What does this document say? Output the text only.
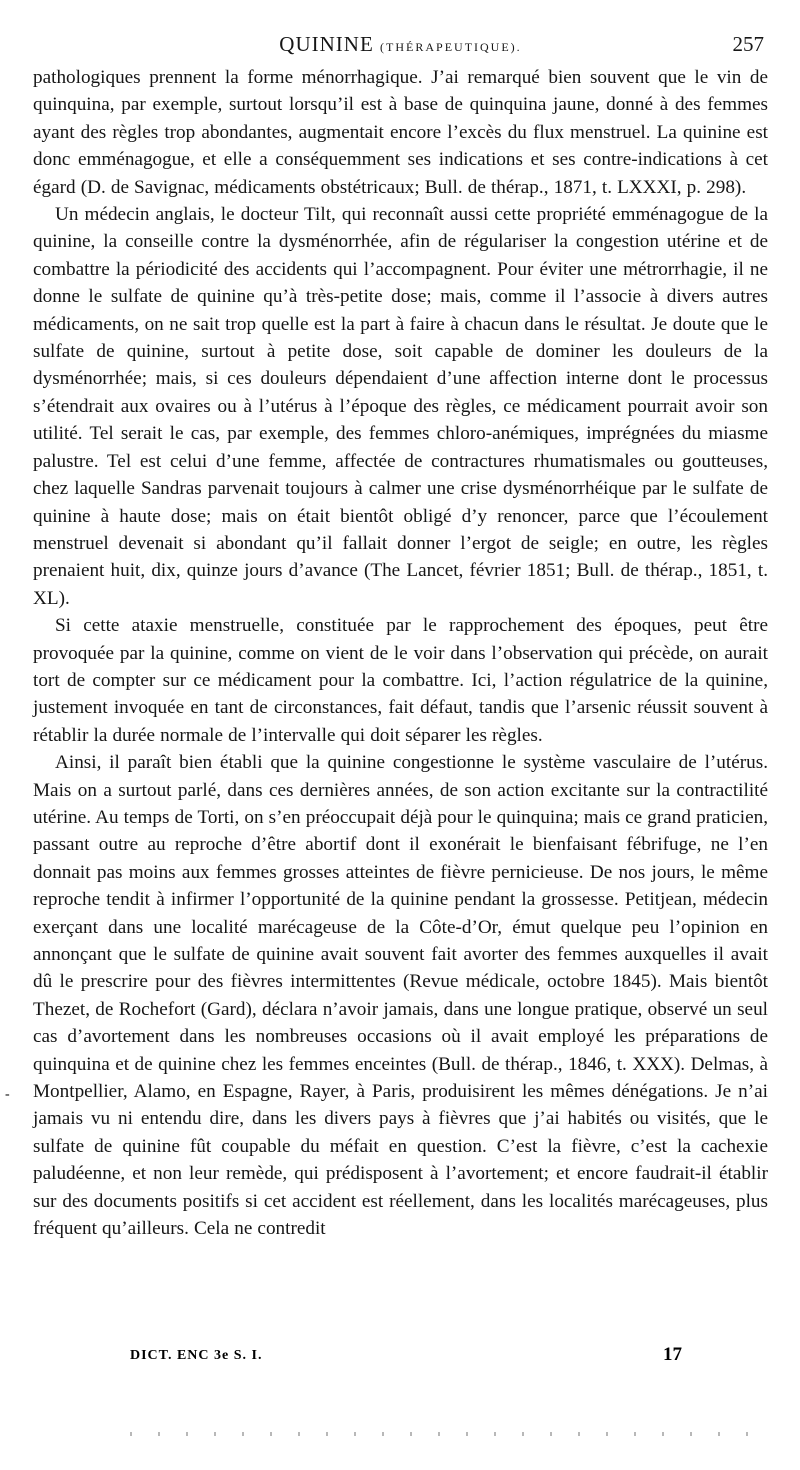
QUININE (THÉRAPEUTIQUE).	257

pathologiques prennent la forme ménorrhagique. J’ai remarqué bien souvent que le vin de quinquina, par exemple, surtout lorsqu’il est à base de quinquina jaune, donné à des femmes ayant des règles trop abondantes, augmentait encore l’excès du flux menstruel. La quinine est donc emménagogue, et elle a conséquemment ses indications et ses contre-indications à cet égard (D. de Savignac, médicaments obstétricaux; Bull. de thérap., 1871, t. LXXXI, p. 298).

Un médecin anglais, le docteur Tilt, qui reconnaît aussi cette propriété emménagogue de la quinine, la conseille contre la dysménorrhée, afin de régulariser la congestion utérine et de combattre la périodicité des accidents qui l’accompagnent. Pour éviter une métrorrhagie, il ne donne le sulfate de quinine qu’à très-petite dose; mais, comme il l’associe à divers autres médicaments, on ne sait trop quelle est la part à faire à chacun dans le résultat. Je doute que le sulfate de quinine, surtout à petite dose, soit capable de dominer les douleurs de la dysménorrhée; mais, si ces douleurs dépendaient d’une affection interne dont le processus s’étendrait aux ovaires ou à l’utérus à l’époque des règles, ce médicament pourrait avoir son utilité. Tel serait le cas, par exemple, des femmes chloro-anémiques, imprégnées du miasme palustre. Tel est celui d’une femme, affectée de contractures rhumatismales ou goutteuses, chez laquelle Sandras parvenait toujours à calmer une crise dysménorrhéique par le sulfate de quinine à haute dose; mais on était bientôt obligé d’y renoncer, parce que l’écoulement menstruel devenait si abondant qu’il fallait donner l’ergot de seigle; en outre, les règles prenaient huit, dix, quinze jours d’avance (The Lancet, février 1851; Bull. de thérap., 1851, t. XL).

Si cette ataxie menstruelle, constituée par le rapprochement des époques, peut être provoquée par la quinine, comme on vient de le voir dans l’observation qui précède, on aurait tort de compter sur ce médicament pour la combattre. Ici, l’action régulatrice de la quinine, justement invoquée en tant de circonstances, fait défaut, tandis que l’arsenic réussit souvent à rétablir la durée normale de l’intervalle qui doit séparer les règles.

Ainsi, il paraît bien établi que la quinine congestionne le système vasculaire de l’utérus. Mais on a surtout parlé, dans ces dernières années, de son action excitante sur la contractilité utérine. Au temps de Torti, on s’en préoccupait déjà pour le quinquina; mais ce grand praticien, passant outre au reproche d’être abortif dont il exonérait le bienfaisant fébrifuge, ne l’en donnait pas moins aux femmes grosses atteintes de fièvre pernicieuse. De nos jours, le même reproche tendit à infirmer l’opportunité de la quinine pendant la grossesse. Petitjean, médecin exerçant dans une localité marécageuse de la Côte-d’Or, émut quelque peu l’opinion en annonçant que le sulfate de quinine avait souvent fait avorter des femmes auxquelles il avait dû le prescrire pour des fièvres intermittentes (Revue médicale, octobre 1845). Mais bientôt Thezet, de Rochefort (Gard), déclara n’avoir jamais, dans une longue pratique, observé un seul cas d’avortement dans les nombreuses occasions où il avait employé les préparations de quinquina et de quinine chez les femmes enceintes (Bull. de thérap., 1846, t. XXX). Delmas, à Montpellier, Alamo, en Espagne, Rayer, à Paris, produisirent les mêmes dénégations. Je n’ai jamais vu ni entendu dire, dans les divers pays à fièvres que j’ai habités ou visités, que le sulfate de quinine fût coupable du méfait en question. C’est la fièvre, c’est la cachexie paludéenne, et non leur remède, qui prédisposent à l’avortement; et encore faudrait-il établir sur des documents positifs si cet accident est réellement, dans les localités marécageuses, plus fréquent qu’ailleurs. Cela ne contredit

-
DICT. ENC 3e S. I.	17
